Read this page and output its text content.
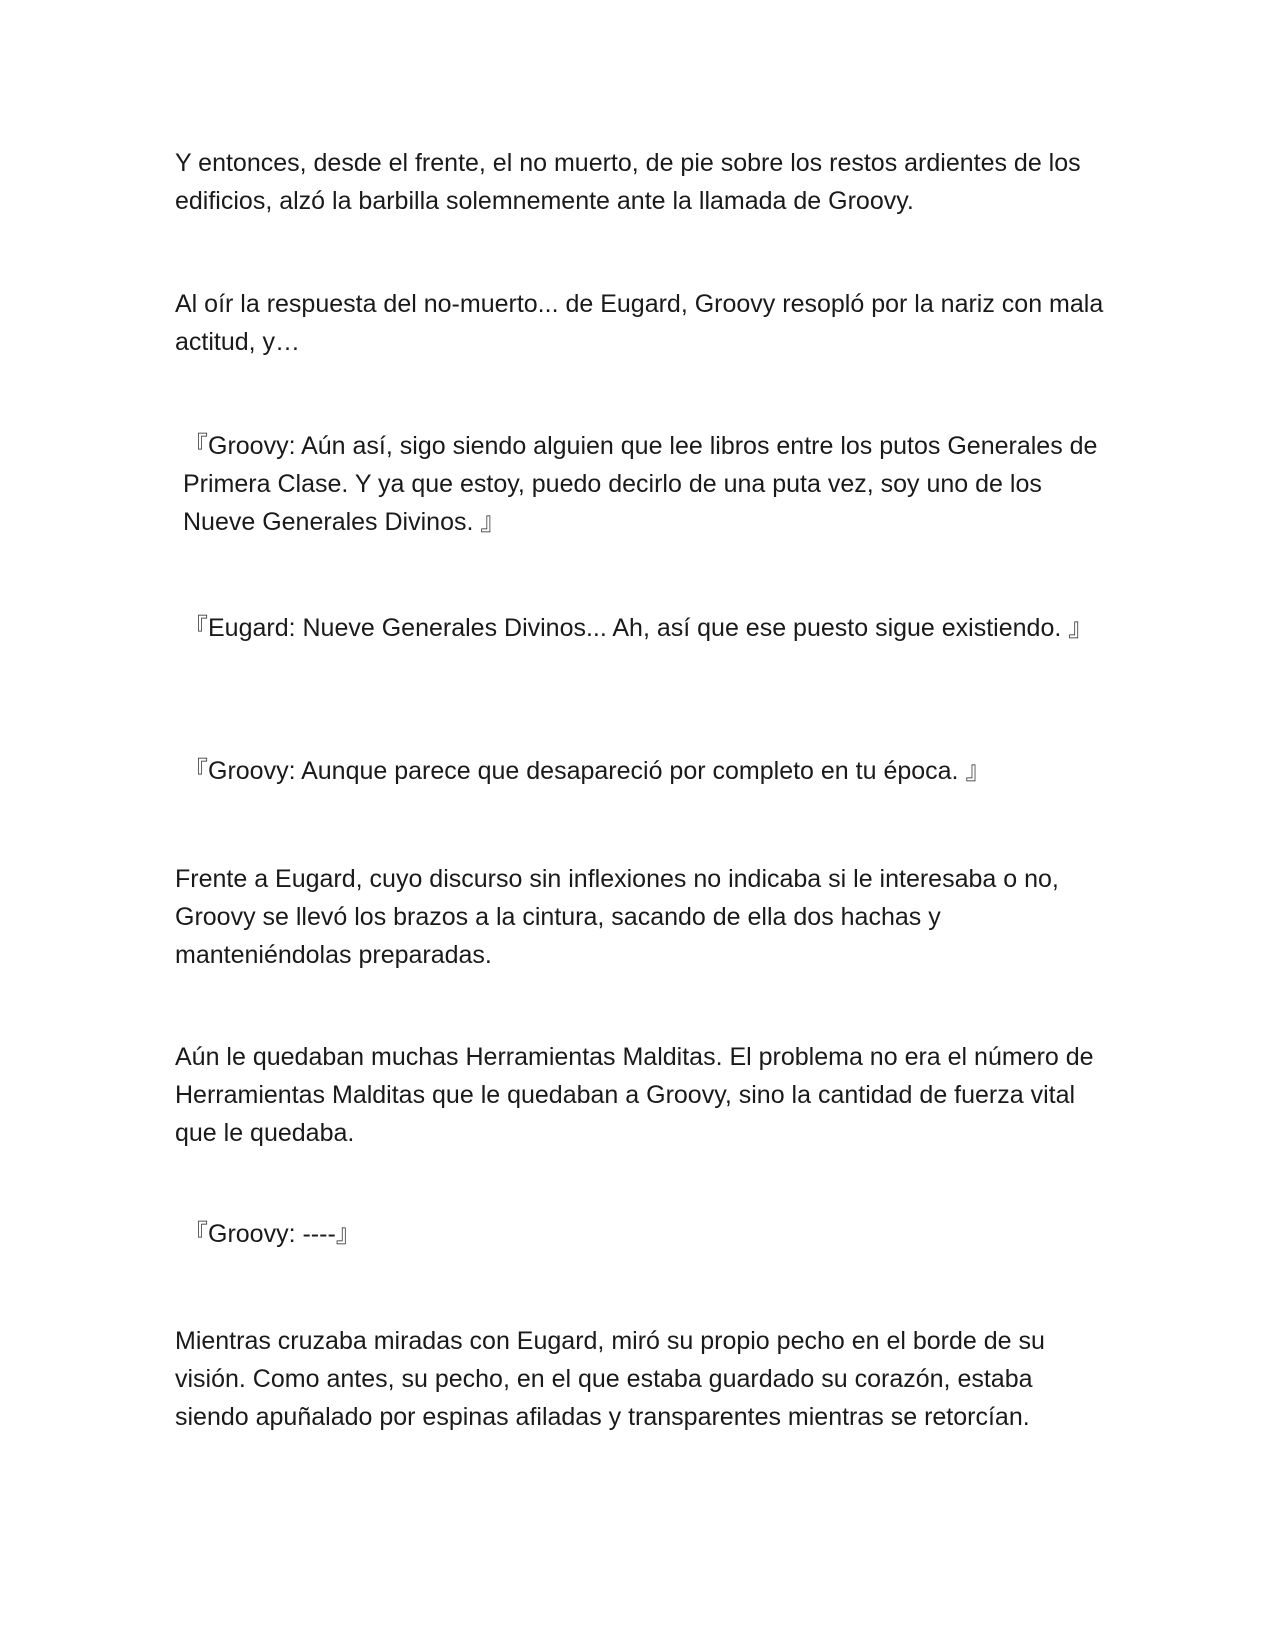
Y entonces, desde el frente, el no muerto, de pie sobre los restos ardientes de los edificios, alzó la barbilla solemnemente ante la llamada de Groovy.

Al oír la respuesta del no-muerto... de Eugard, Groovy resopló por la nariz con mala actitud, y…

『Groovy: Aún así, sigo siendo alguien que lee libros entre los putos Generales de Primera Clase. Y ya que estoy, puedo decirlo de una puta vez, soy uno de los Nueve Generales Divinos. 』

『Eugard: Nueve Generales Divinos... Ah, así que ese puesto sigue existiendo. 』

『Groovy: Aunque parece que desapareció por completo en tu época. 』

Frente a Eugard, cuyo discurso sin inflexiones no indicaba si le interesaba o no, Groovy se llevó los brazos a la cintura, sacando de ella dos hachas y manteniéndolas preparadas.

Aún le quedaban muchas Herramientas Malditas. El problema no era el número de Herramientas Malditas que le quedaban a Groovy, sino la cantidad de fuerza vital que le quedaba.

『Groovy: ----』

Mientras cruzaba miradas con Eugard, miró su propio pecho en el borde de su visión. Como antes, su pecho, en el que estaba guardado su corazón, estaba siendo apuñalado por espinas afiladas y transparentes mientras se retorcían.
